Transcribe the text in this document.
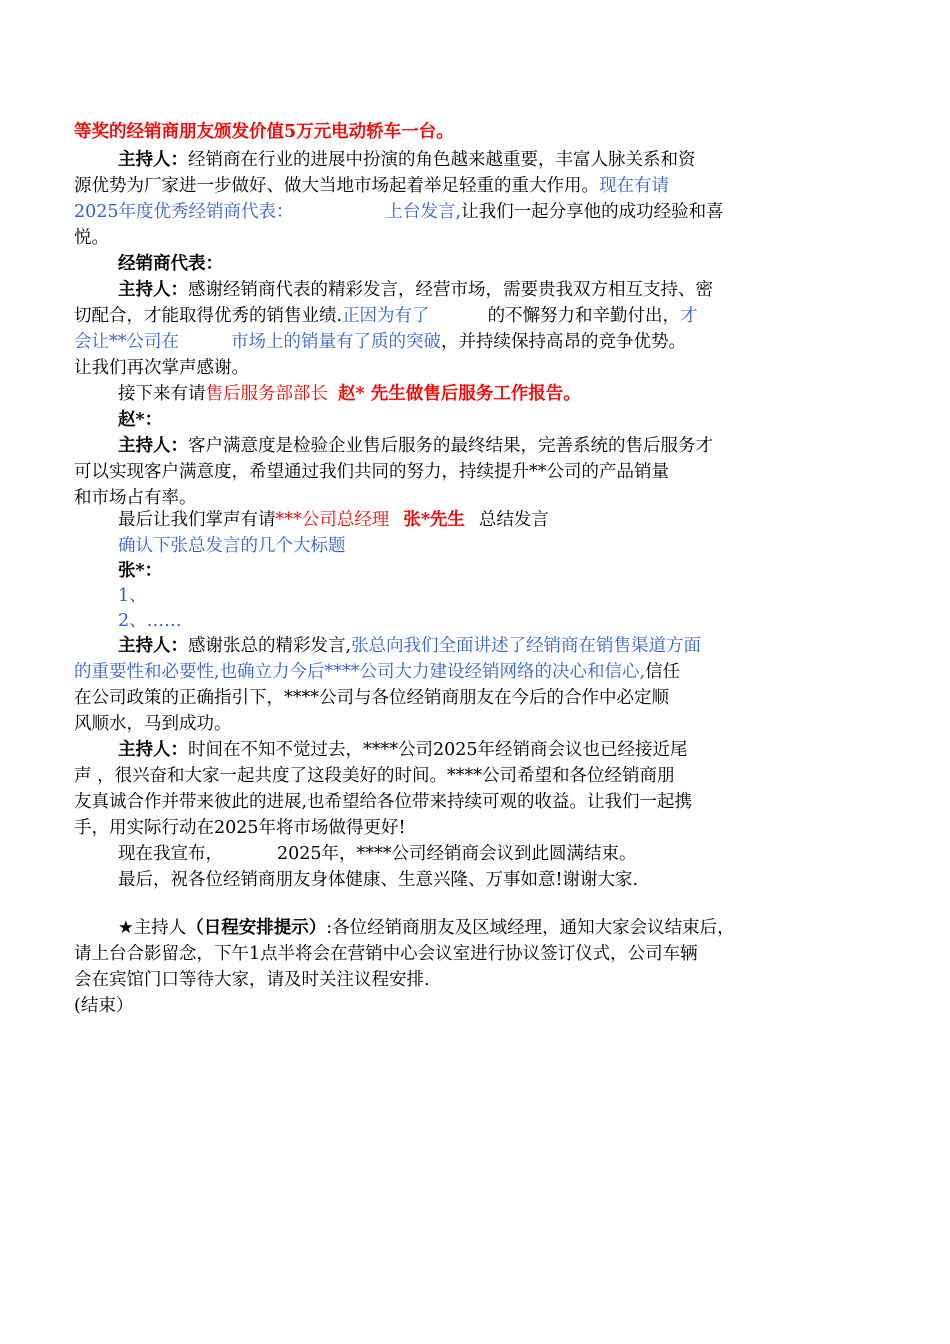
等奖的经销商朋友颁发价值5万元电动轿车一台。
主持人：经销商在行业的进展中扮演的角色越来越重要，丰富人脉关系和资
源优势为厂家进一步做好、做大当地市场起着举足轻重的重大作用。现在有请
2025年度优秀经销商代表：	上台发言,让我们一起分享他的成功经验和喜
悦。
经销商代表：
主持人：感谢经销商代表的精彩发言，经营市场，需要贵我双方相互支持、密
切配合，才能取得优秀的销售业绩.正因为有了	的不懈努力和辛勤付出，才
会让**公司在	市场上的销量有了质的突破，并持续保持高昂的竞争优势。
让我们再次掌声感谢。
接下来有请售后服务部部长 赵* 先生做售后服务工作报告。
赵*：
主持人：客户满意度是检验企业售后服务的最终结果，完善系统的售后服务才
可以实现客户满意度，希望通过我们共同的努力，持续提升**公司的产品销量
和市场占有率。
最后让我们掌声有请***公司总经理 张*先生 总结发言
确认下张总发言的几个大标题
张*：
1、
2、……
主持人：感谢张总的精彩发言,张总向我们全面讲述了经销商在销售渠道方面
的重要性和必要性,也确立力今后****公司大力建设经销网络的决心和信心,信任
在公司政策的正确指引下，****公司与各位经销商朋友在今后的合作中必定顺
风顺水，马到成功。
主持人：时间在不知不觉过去，****公司2025年经销商会议也已经接近尾
声 ，很兴奋和大家一起共度了这段美好的时间。****公司希望和各位经销商朋
友真诚合作并带来彼此的进展,也希望给各位带来持续可观的收益。让我们一起携
手，用实际行动在2025年将市场做得更好!
现在我宣布，	2025年，****公司经销商会议到此圆满结束。
最后，祝各位经销商朋友身体健康、生意兴隆、万事如意!谢谢大家.
★主持人（日程安排提示）:各位经销商朋友及区域经理，通知大家会议结束后，
请上台合影留念，下午1点半将会在营销中心会议室进行协议签订仪式，公司车辆
会在宾馆门口等待大家，请及时关注议程安排.
(结束）
